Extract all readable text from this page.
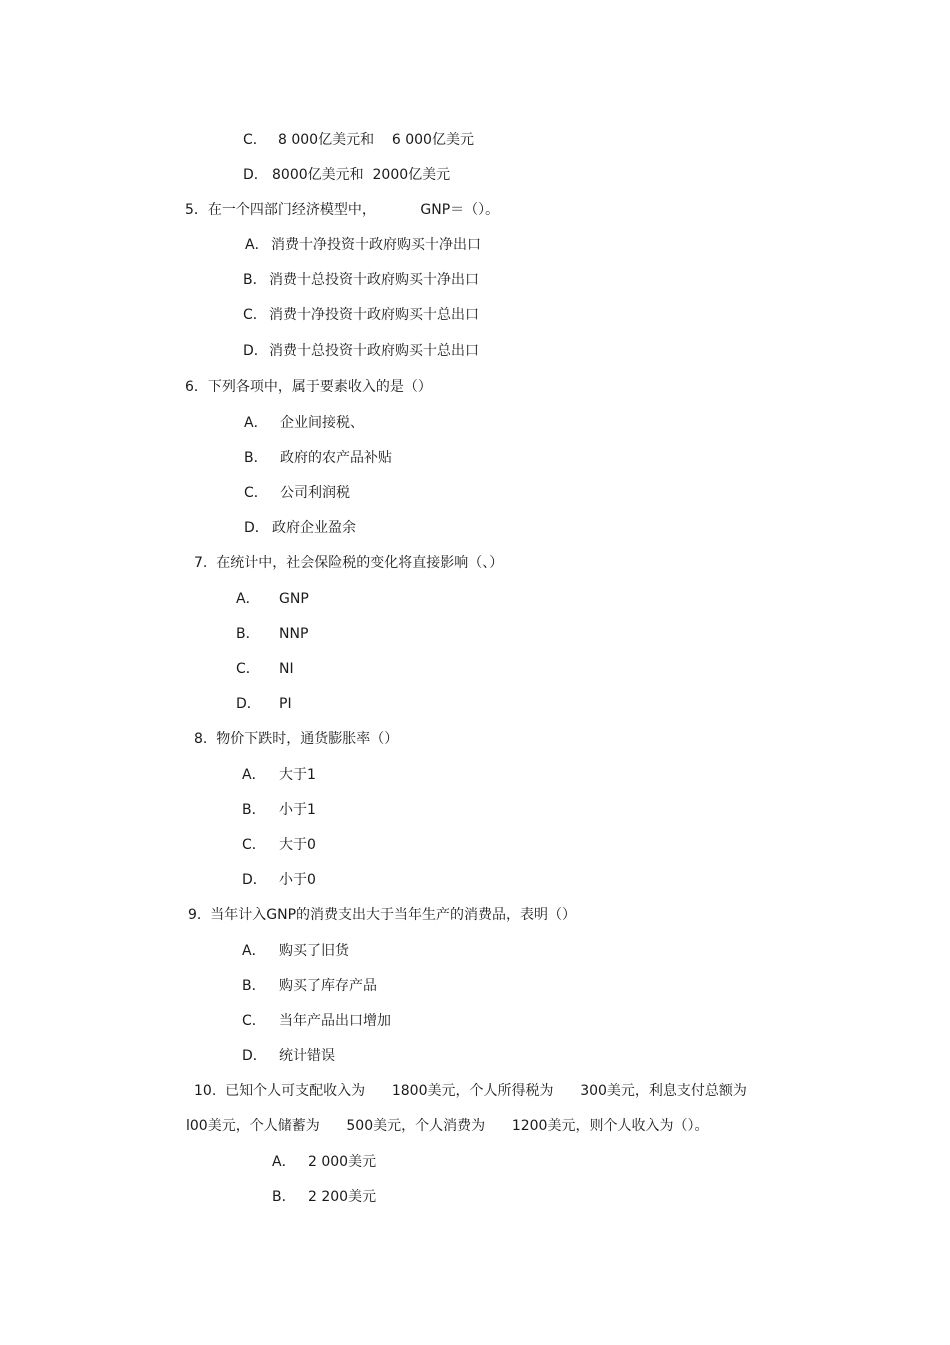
C． 8 000亿美元和    6 000亿美元
D． 8000亿美元和  2000亿美元
5．在一个四部门经济模型中，          GNP＝（）。
A． 消费十净投资十政府购买十净出口
B． 消费十总投资十政府购买十净出口
C． 消费十净投资十政府购买十总出口
D．消费十总投资十政府购买十总出口
6．下列各项中，属于要素收入的是（）
A． 企业间接税、
B． 政府的农产品补贴
C． 公司利润税
D． 政府企业盈余
7.  在统计中，社会保险税的变化将直接影响（、）
A． GNP
B． NNP
C． NI
D． PI
8.  物价下跌时，通货膨胀率（）
A． 大于1
B． 小于1
C． 大于0
D． 小于0
9.  当年计入GNP的消费支出大于当年生产的消费品，表明（）
A． 购买了旧货
B． 购买了库存产品
C． 当年产品出口增加
D． 统计错误
10.  已知个人可支配收入为      1800美元，个人所得税为      300美元，利息支付总额为
l00美元，个人储蓄为      500美元，个人消费为      1200美元，则个人收入为（）。
A． 2 000美元
B． 2 200美元
